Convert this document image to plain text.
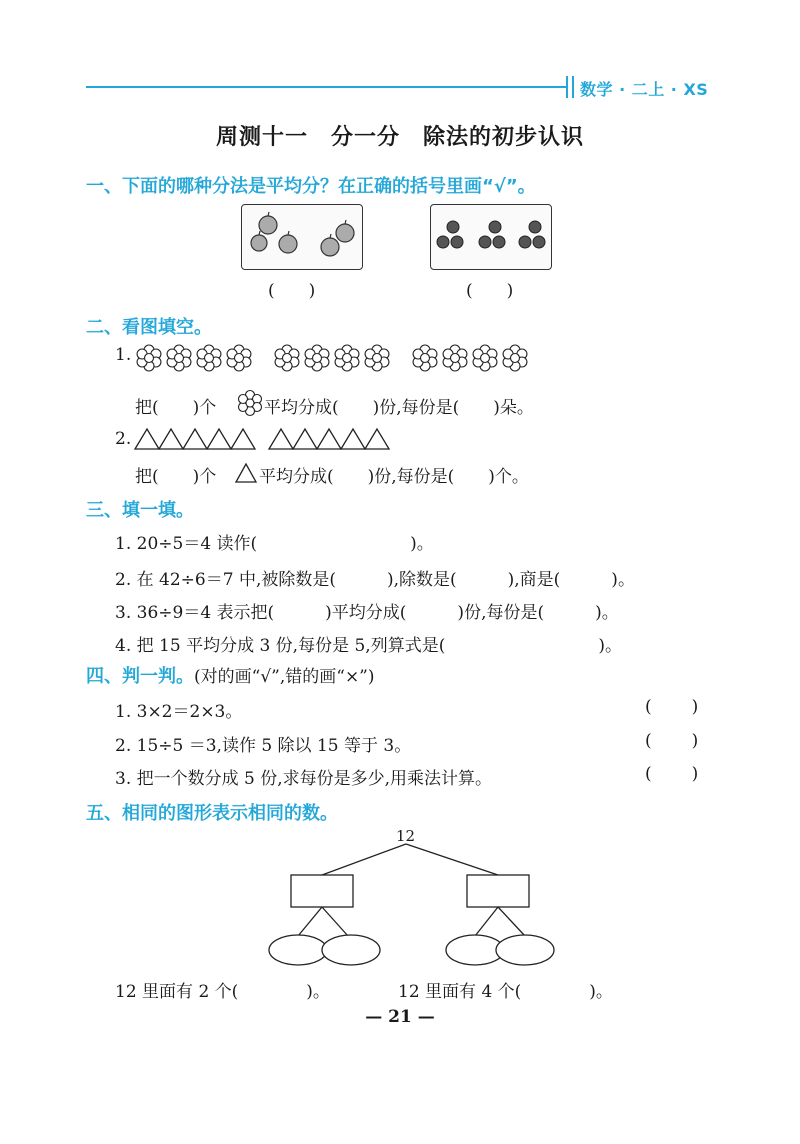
数学 · 二上 · XS
周测十一　分一分　除法的初步认识
一、下面的哪种分法是平均分？在正确的括号里画“√”。
(　　)	(　　)
二、看图填空。
1.
把(　　)个	平均分成(　　)份,每份是(　　)朵。
2.
把(　　)个	平均分成(　　)份,每份是(　　)个。
三、填一填。
1. 20÷5＝4 读作(　　　　　　　　　)。
2. 在 42÷6＝7 中,被除数是(　　　),除数是(　　　),商是(　　　)。
3. 36÷9＝4 表示把(　　　)平均分成(　　　)份,每份是(　　　)。
4. 把 15 平均分成 3 份,每份是 5,列算式是(　　　　　　　　　)。
四、判一判。(对的画“√”,错的画“×”)
1. 3×2＝2×3。	()
2. 15÷5 ＝3,读作 5 除以 15 等于 3。	()
3. 把一个数分成 5 份,求每份是多少,用乘法计算。	()
五、相同的图形表示相同的数。
12
12 里面有 2 个(　　　　)。	12 里面有 4 个(　　　　)。
— 21 —
